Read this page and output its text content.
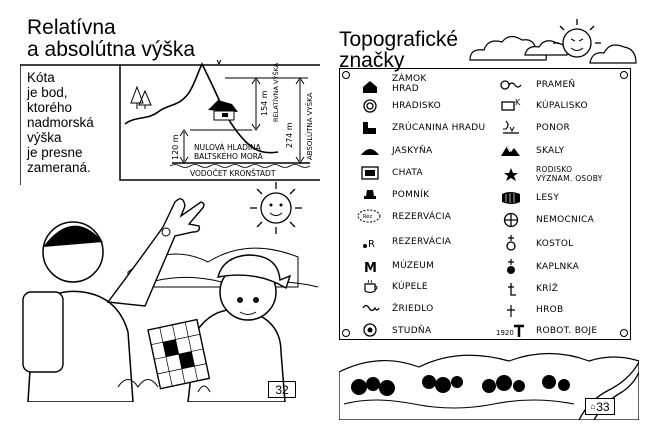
Relatívna
a absolútna výška
Kóta
je bod,
ktorého
nadmorská
výška
je presne
zameraná.
154 m RELATÍVNA VÝŠKA
274 m ABSOLÚTNA VÝŠKA
120 m NULOVÁ HLADINA
BALTSKÉHO MORA
VODOČET KRONŠTADT
32
Topografické
značky
Rez
R
M
ZÁMOK
HRAD
HRADISKO
ZRÚCANINA HRADU
JASKYŇA
CHATA
POMNÍK
REZERVÁCIA
REZERVÁCIA
MÚZEUM
KÚPELE
ŽRIEDLO
STUDŇA
K
1920
PRAMEŇ
KÚPALISKO
PONOR
SKALY
RODISKO
VÝZNAM. OSOBY
LESY
NEMOCNICA
KOSTOL
KAPLNKA
KRÍŽ
HROB
ROBOT. BOJE
⌂ 33
